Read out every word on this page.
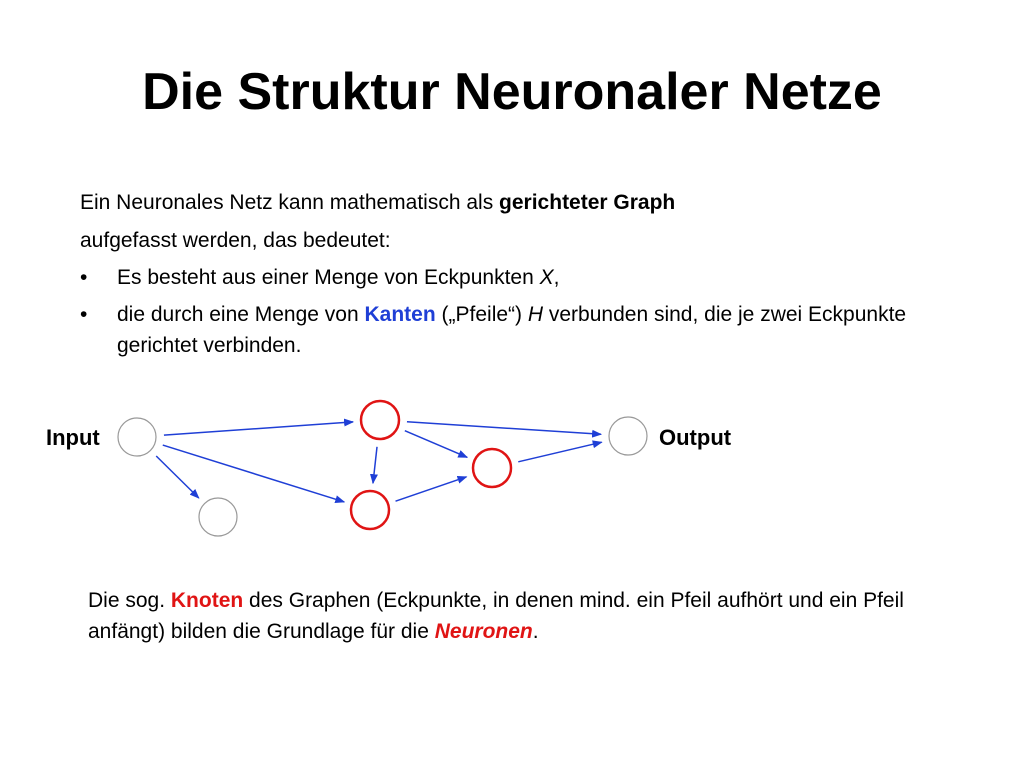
Die Struktur Neuronaler Netze
Ein Neuronales Netz kann mathematisch als gerichteter Graph
aufgefasst werden, das bedeutet:
•	Es besteht aus einer Menge von Eckpunkten X,
•	die durch eine Menge von Kanten („Pfeile“) H verbunden sind, die je zwei Eckpunkte gerichtet verbinden.
Input	Output
Die sog. Knoten des Graphen (Eckpunkte, in denen mind. ein Pfeil aufhört und ein Pfeil anfängt) bilden die Grundlage für die Neuronen.
